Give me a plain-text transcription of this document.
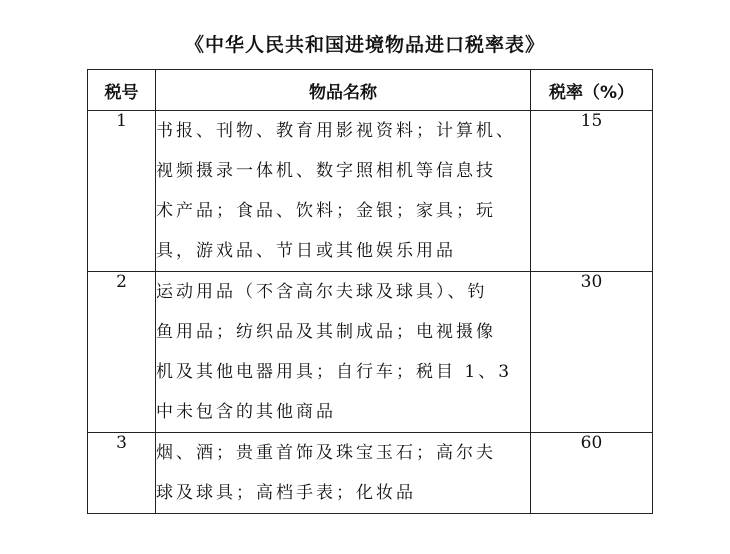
《中华人民共和国进境物品进口税率表》
税号	物品名称	税率（%）
1	书报、刊物、教育用影视资料；计算机、
视频摄录一体机、数字照相机等信息技
术产品；食品、饮料；金银；家具；玩
具，游戏品、节日或其他娱乐用品	15
2	运动用品（不含高尔夫球及球具）、钓
鱼用品；纺织品及其制成品；电视摄像
机及其他电器用具；自行车；税目 1、3
中未包含的其他商品	30
3	烟、酒；贵重首饰及珠宝玉石；高尔夫
球及球具；高档手表；化妆品	60
